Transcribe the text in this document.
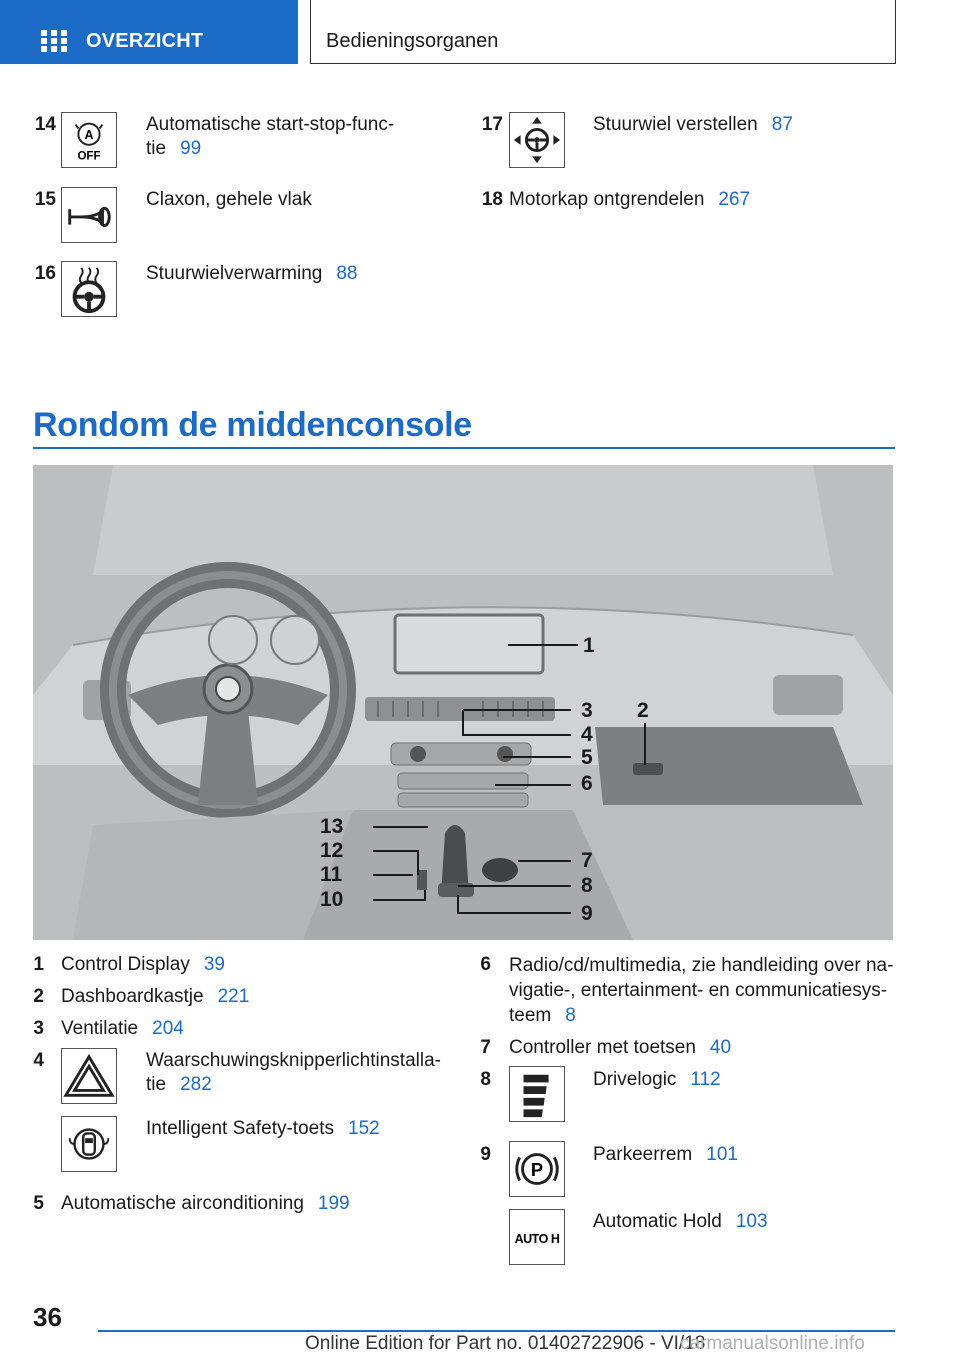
OVERZICHT	Bedieningsorganen
14
A
OFF
Automatische start-stop-func-
tie 99
15	Claxon, gehele vlak
16	Stuurwielverwarming 88
17	Stuurwiel verstellen 87
18 Motorkap ontgrendelen 267
Rondom de middenconsole
1
2
3
4
5
6
7
8
9
10
11
12
13
1 Control Display 39
2 Dashboardkastje 221
3 Ventilatie 204
4	Waarschuwingsknipperlichtinstalla-
tie 282
Intelligent Safety-toets 152
5 Automatische airconditioning 199
6 Radio/cd/multimedia, zie handleiding over na-
vigatie-, entertainment- en communicatiesys-
teem 8
7 Controller met toetsen 40
8	Drivelogic 112
9
P
Parkeerrem 101
AUTO H
Automatic Hold 103
36
Online Edition for Part no. 01402722906 - VI/18
carmanualsonline.info
